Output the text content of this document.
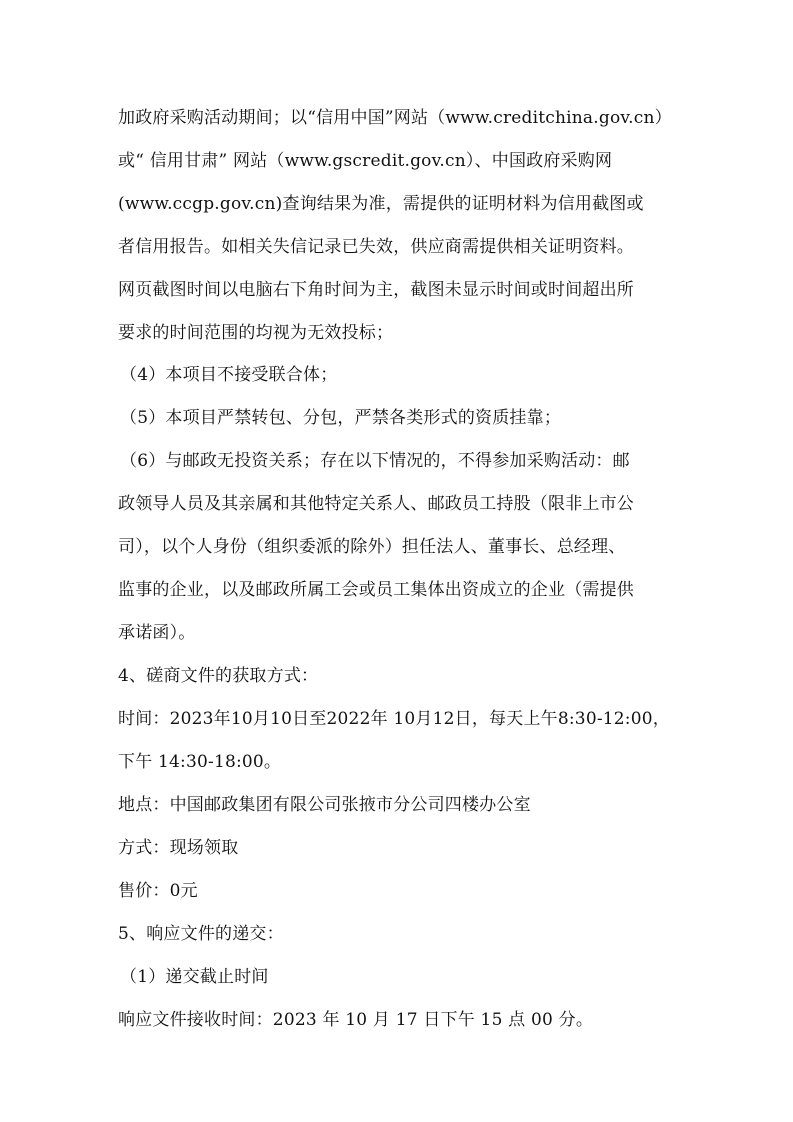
加政府采购活动期间；以“信用中国”网站（www.creditchina.gov.cn）
或“ 信用甘肃” 网站（www.gscredit.gov.cn）、中国政府采购网
(www.ccgp.gov.cn)查询结果为准，需提供的证明材料为信用截图或
者信用报告。如相关失信记录已失效，供应商需提供相关证明资料。
网页截图时间以电脑右下角时间为主，截图未显示时间或时间超出所
要求的时间范围的均视为无效投标；
（4）本项目不接受联合体；
（5）本项目严禁转包、分包，严禁各类形式的资质挂靠；
（6）与邮政无投资关系；存在以下情况的，不得参加采购活动：邮
政领导人员及其亲属和其他特定关系人、邮政员工持股（限非上市公
司），以个人身份（组织委派的除外）担任法人、董事长、总经理、
监事的企业，以及邮政所属工会或员工集体出资成立的企业（需提供
承诺函）。
4、磋商文件的获取方式：
时间：2023年10月10日至2022年 10月12日，每天上午8:30-12:00，
下午 14:30-18:00。
地点：中国邮政集团有限公司张掖市分公司四楼办公室
方式：现场领取
售价：0元
5、响应文件的递交：
（1）递交截止时间
响应文件接收时间：2023 年 10 月 17 日下午 15 点 00 分。
